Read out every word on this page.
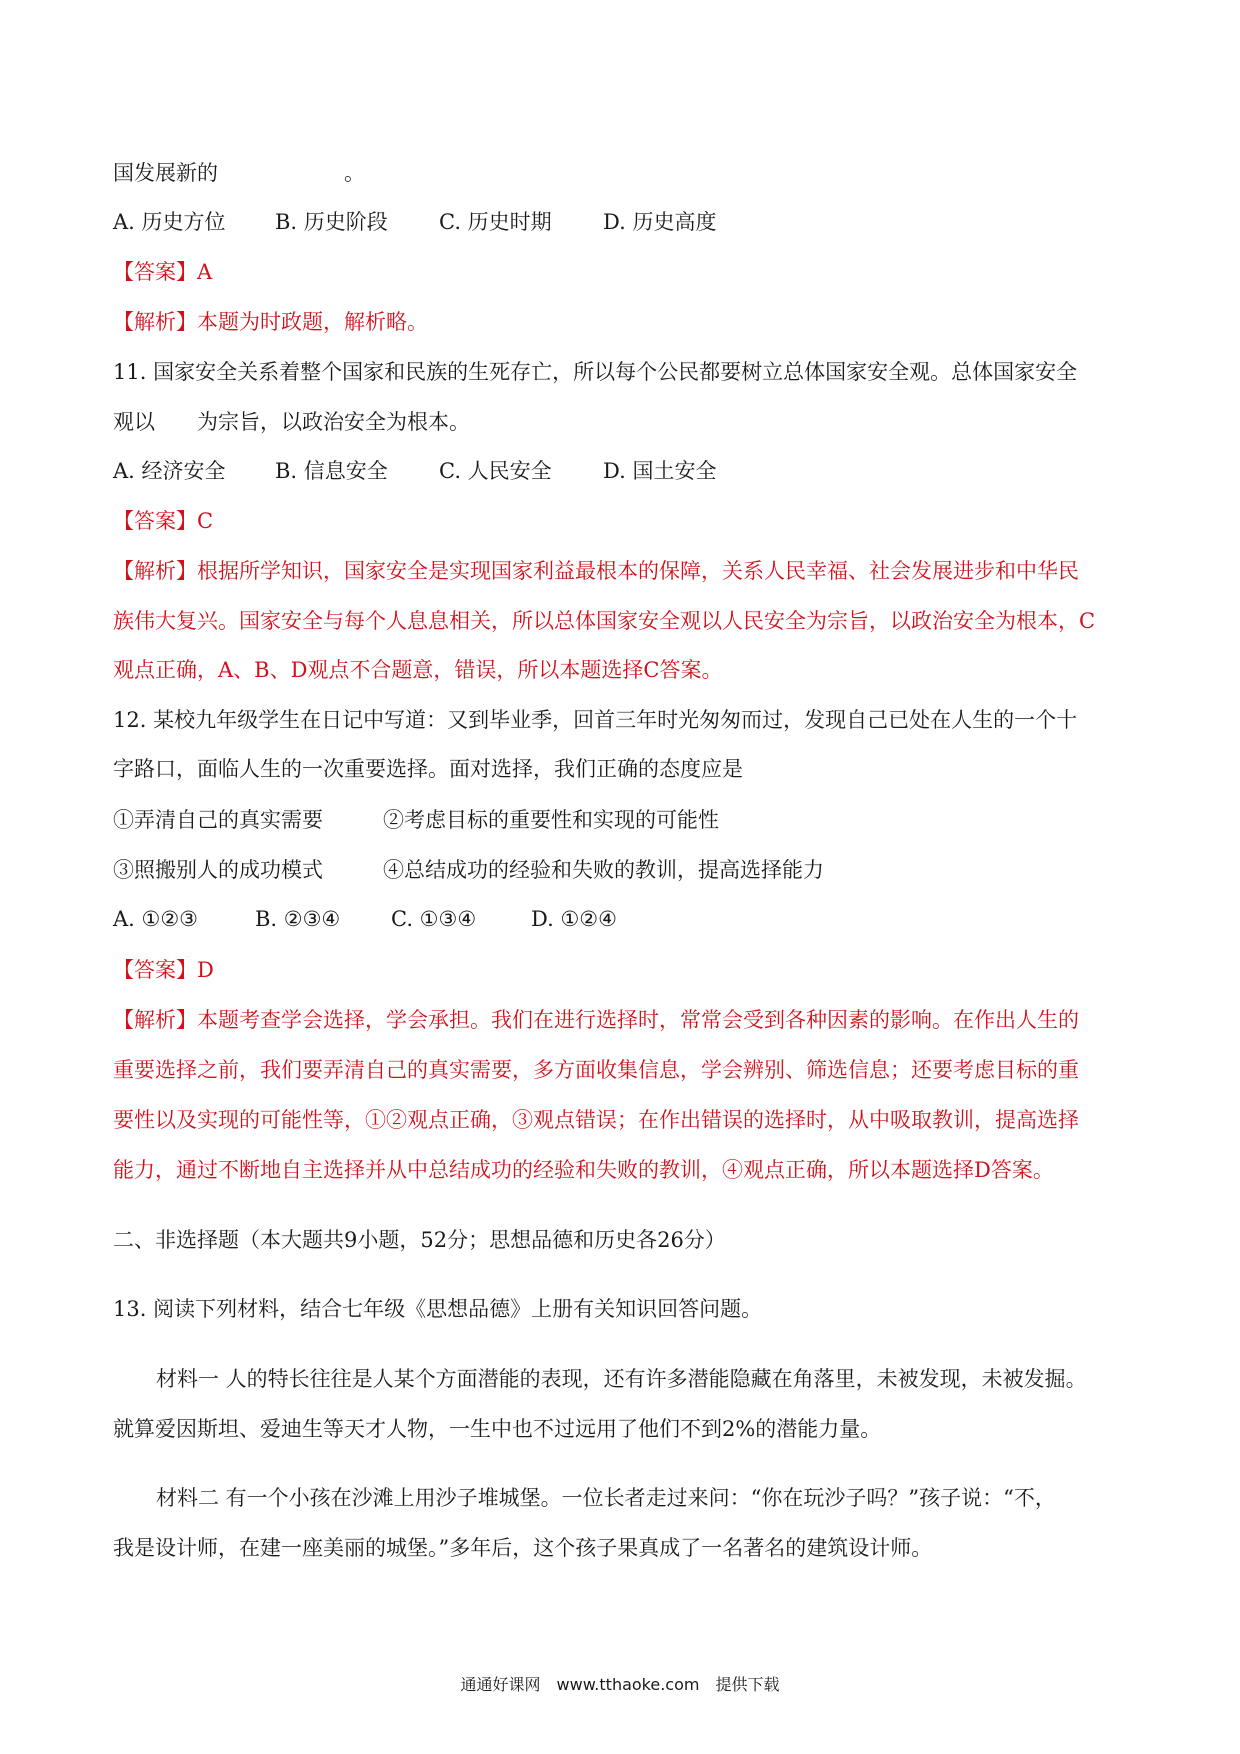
国发展新的　　　　　　。
A. 历史方位 B. 历史阶段 C. 历史时期 D. 历史高度
【答案】A
【解析】本题为时政题，解析略。
11. 国家安全关系着整个国家和民族的生死存亡，所以每个公民都要树立总体国家安全观。总体国家安全
观以　　为宗旨，以政治安全为根本。
A. 经济安全 B. 信息安全 C. 人民安全 D. 国土安全
【答案】C
【解析】根据所学知识，国家安全是实现国家利益最根本的保障，关系人民幸福、社会发展进步和中华民
族伟大复兴。国家安全与每个人息息相关，所以总体国家安全观以人民安全为宗旨，以政治安全为根本，C
观点正确，A、B、D观点不合题意，错误，所以本题选择C答案。
12. 某校九年级学生在日记中写道：又到毕业季，回首三年时光匆匆而过，发现自己已处在人生的一个十
字路口，面临人生的一次重要选择。面对选择，我们正确的态度应是
①弄清自己的真实需要	②考虑目标的重要性和实现的可能性
③照搬别人的成功模式	④总结成功的经验和失败的教训，提高选择能力
A. ①②③	B. ②③④ C. ①③④	D. ①②④
【答案】D
【解析】本题考查学会选择，学会承担。我们在进行选择时，常常会受到各种因素的影响。在作出人生的
重要选择之前，我们要弄清自己的真实需要，多方面收集信息，学会辨别、筛选信息；还要考虑目标的重
要性以及实现的可能性等，①②观点正确，③观点错误；在作出错误的选择时，从中吸取教训，提高选择
能力，通过不断地自主选择并从中总结成功的经验和失败的教训，④观点正确，所以本题选择D答案。
二、非选择题（本大题共9小题，52分；思想品德和历史各26分）
13. 阅读下列材料，结合七年级《思想品德》上册有关知识回答问题。
材料一 人的特长往往是人某个方面潜能的表现，还有许多潜能隐藏在角落里，未被发现，未被发掘。
就算爱因斯坦、爱迪生等天才人物，一生中也不过远用了他们不到2%的潜能力量。
材料二 有一个小孩在沙滩上用沙子堆城堡。一位长者走过来问：“你在玩沙子吗？”孩子说：“不，
我是设计师，在建一座美丽的城堡。”多年后，这个孩子果真成了一名著名的建筑设计师。
通通好课网　www.tthaoke.com　提供下载
